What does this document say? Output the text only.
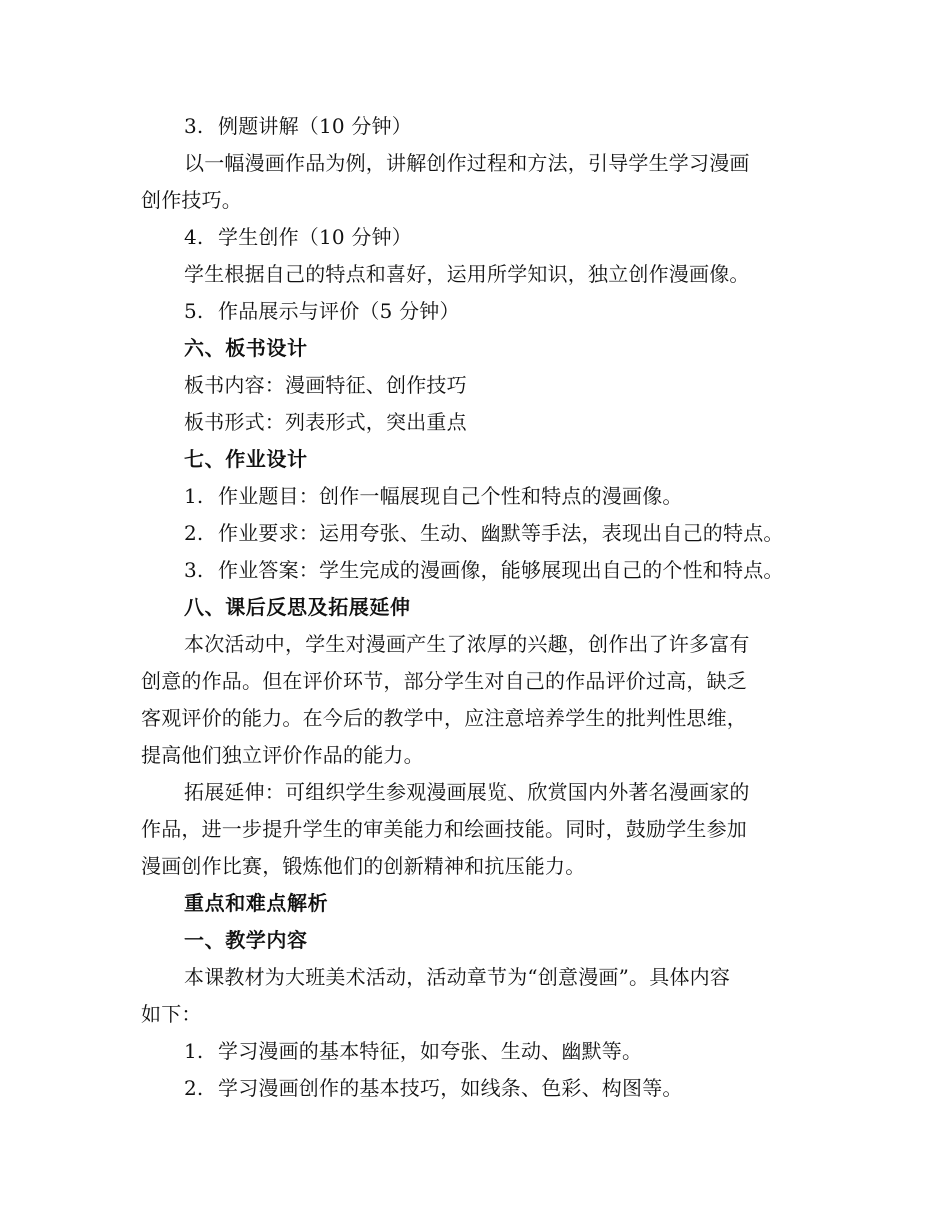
3. 例题讲解（10 分钟）

以一幅漫画作品为例，讲解创作过程和方法，引导学生学习漫画

创作技巧。

4. 学生创作（10 分钟）

学生根据自己的特点和喜好，运用所学知识，独立创作漫画像。

5. 作品展示与评价（5 分钟）

六、板书设计

板书内容：漫画特征、创作技巧

板书形式：列表形式，突出重点

七、作业设计

1. 作业题目：创作一幅展现自己个性和特点的漫画像。

2. 作业要求：运用夸张、生动、幽默等手法，表现出自己的特点。

3. 作业答案：学生完成的漫画像，能够展现出自己的个性和特点。

八、课后反思及拓展延伸

本次活动中，学生对漫画产生了浓厚的兴趣，创作出了许多富有

创意的作品。但在评价环节，部分学生对自己的作品评价过高，缺乏

客观评价的能力。在今后的教学中，应注意培养学生的批判性思维，

提高他们独立评价作品的能力。

拓展延伸：可组织学生参观漫画展览、欣赏国内外著名漫画家的

作品，进一步提升学生的审美能力和绘画技能。同时，鼓励学生参加

漫画创作比赛，锻炼他们的创新精神和抗压能力。

重点和难点解析

一、教学内容

本课教材为大班美术活动，活动章节为“创意漫画”。具体内容

如下：

1. 学习漫画的基本特征，如夸张、生动、幽默等。

2. 学习漫画创作的基本技巧，如线条、色彩、构图等。
